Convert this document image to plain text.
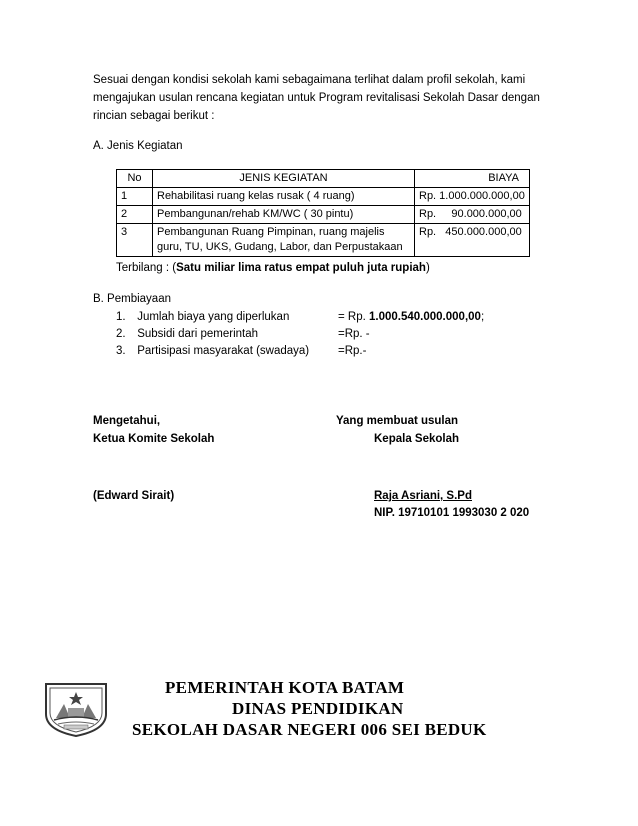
Sesuai dengan kondisi sekolah kami sebagaimana terlihat dalam profil sekolah, kami
mengajukan usulan rencana kegiatan untuk Program revitalisasi Sekolah Dasar dengan
rincian sebagai berikut :
A. Jenis Kegiatan
No	JENIS KEGIATAN	BIAYA
1	Rehabilitasi ruang kelas rusak ( 4 ruang)	Rp. 1.000.000.000,00
2	Pembangunan/rehab KM/WC ( 30 pintu)	Rp.     90.000.000,00
3	Pembangunan Ruang Pimpinan, ruang majelis
guru, TU, UKS, Gudang, Labor, dan Perpustakaan	Rp.   450.000.000,00
Terbilang : (Satu miliar lima ratus empat puluh juta rupiah)
B. Pembiayaan
1. Jumlah biaya yang diperlukan	= Rp. 1.000.540.000.000,00;
2. Subsidi dari pemerintah	=Rp. -
3. Partisipasi masyarakat (swadaya)	=Rp.-
Mengetahui,
Ketua Komite Sekolah
(Edward Sirait)
Yang membuat usulan
Kepala Sekolah
Raja Asriani, S.Pd
NIP. 19710101 1993030 2 020
PEMERINTAH KOTA BATAM
DINAS PENDIDIKAN
SEKOLAH DASAR NEGERI 006 SEI BEDUK
